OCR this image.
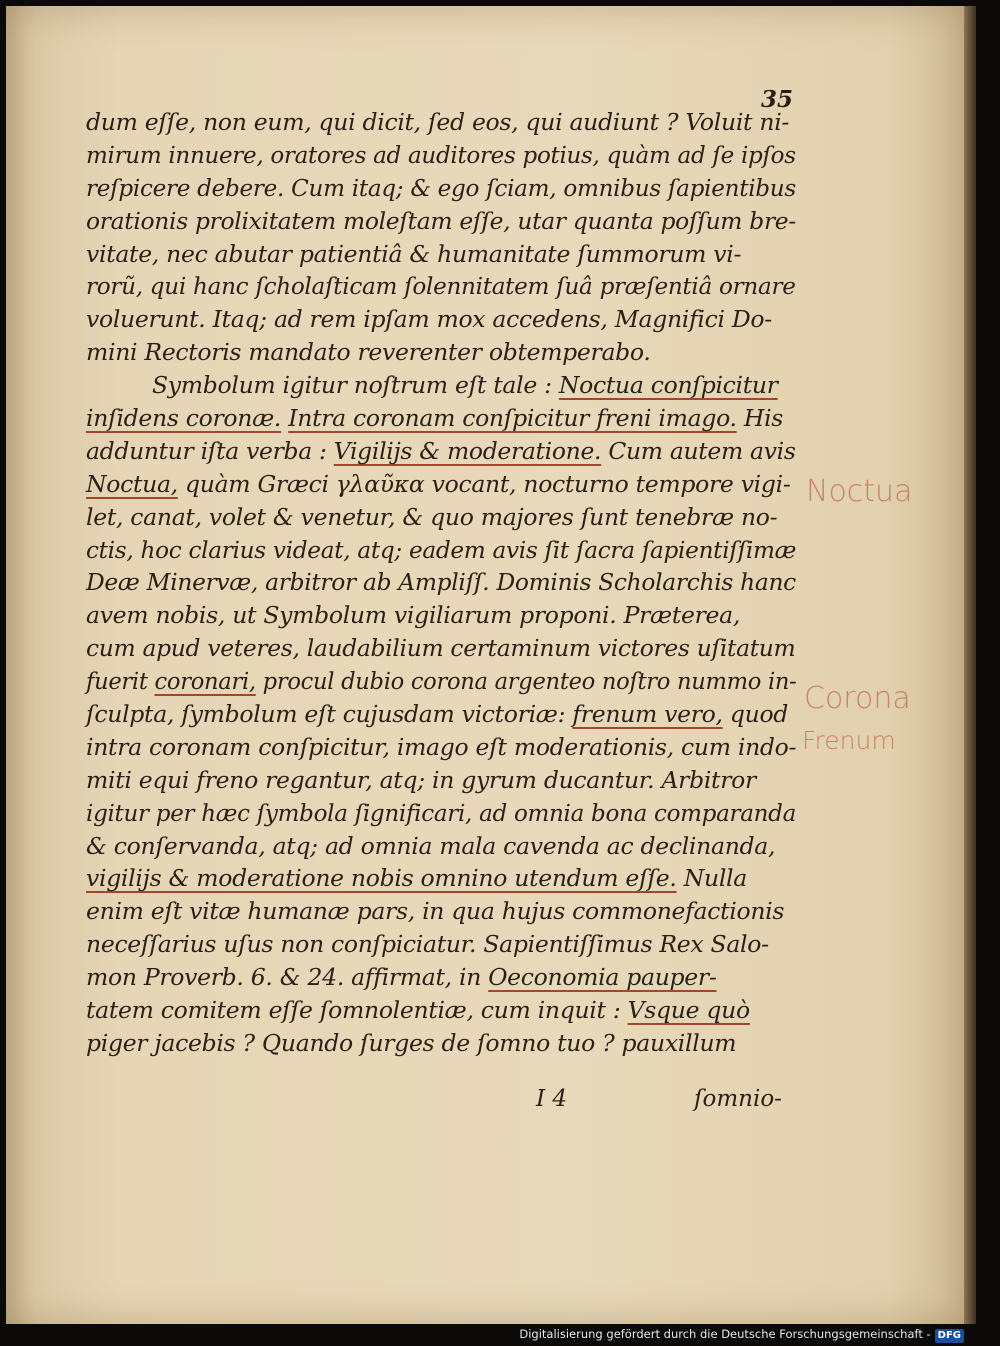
35
dum eſſe, non eum, qui dicit, ſed eos, qui audiunt ? Voluit ni-
mirum innuere, oratores ad auditores potius, quàm ad ſe ipſos
reſpicere debere. Cum itaq; & ego ſciam, omnibus ſapientibus
orationis prolixitatem moleſtam eſſe, utar quanta poſſum bre-
vitate, nec abutar patientiâ & humanitate ſummorum vi-
rorũ, qui hanc ſcholaſticam ſolennitatem ſuâ præſentiâ ornare
voluerunt. Itaq; ad rem ipſam mox accedens, Magnifici Do-
mini Rectoris mandato reverenter obtemperabo.
Symbolum igitur noſtrum eſt tale : Noctua conſpicitur
inſidens coronæ. Intra coronam conſpicitur freni imago. His
adduntur iſta verba : Vigilijs & moderatione. Cum autem avis
Noctua, quàm Græci γλαῦκα vocant, nocturno tempore vigi-
let, canat, volet & venetur, & quo majores ſunt tenebræ no-
ctis, hoc clarius videat, atq; eadem avis ſit ſacra ſapientiſſimæ
Deæ Minervæ, arbitror ab Ampliſſ. Dominis Scholarchis hanc
avem nobis, ut Symbolum vigiliarum proponi. Præterea,
cum apud veteres, laudabilium certaminum victores uſitatum
fuerit coronari, procul dubio corona argenteo noſtro nummo in-
ſculpta, ſymbolum eſt cujusdam victoriæ: frenum vero, quod
intra coronam conſpicitur, imago eſt moderationis, cum indo-
miti equi freno regantur, atq; in gyrum ducantur. Arbitror
igitur per hæc ſymbola ſignificari, ad omnia bona comparanda
& conſervanda, atq; ad omnia mala cavenda ac declinanda,
vigilijs & moderatione nobis omnino utendum eſſe. Nulla
enim eſt vitæ humanæ pars, in qua hujus commonefactionis
neceſſarius uſus non conſpiciatur. Sapientiſſimus Rex Salo-
mon Proverb. 6. & 24. affirmat, in Oeconomia pauper-
tatem comitem eſſe ſomnolentiæ, cum inquit : Vsque quò
piger jacebis ? Quando ſurges de ſomno tuo ? pauxillum
I 4	ſomnio-
Noctua
Corona
Frenum
Digitalisierung gefördert durch die Deutsche Forschungsgemeinschaft - DFG
